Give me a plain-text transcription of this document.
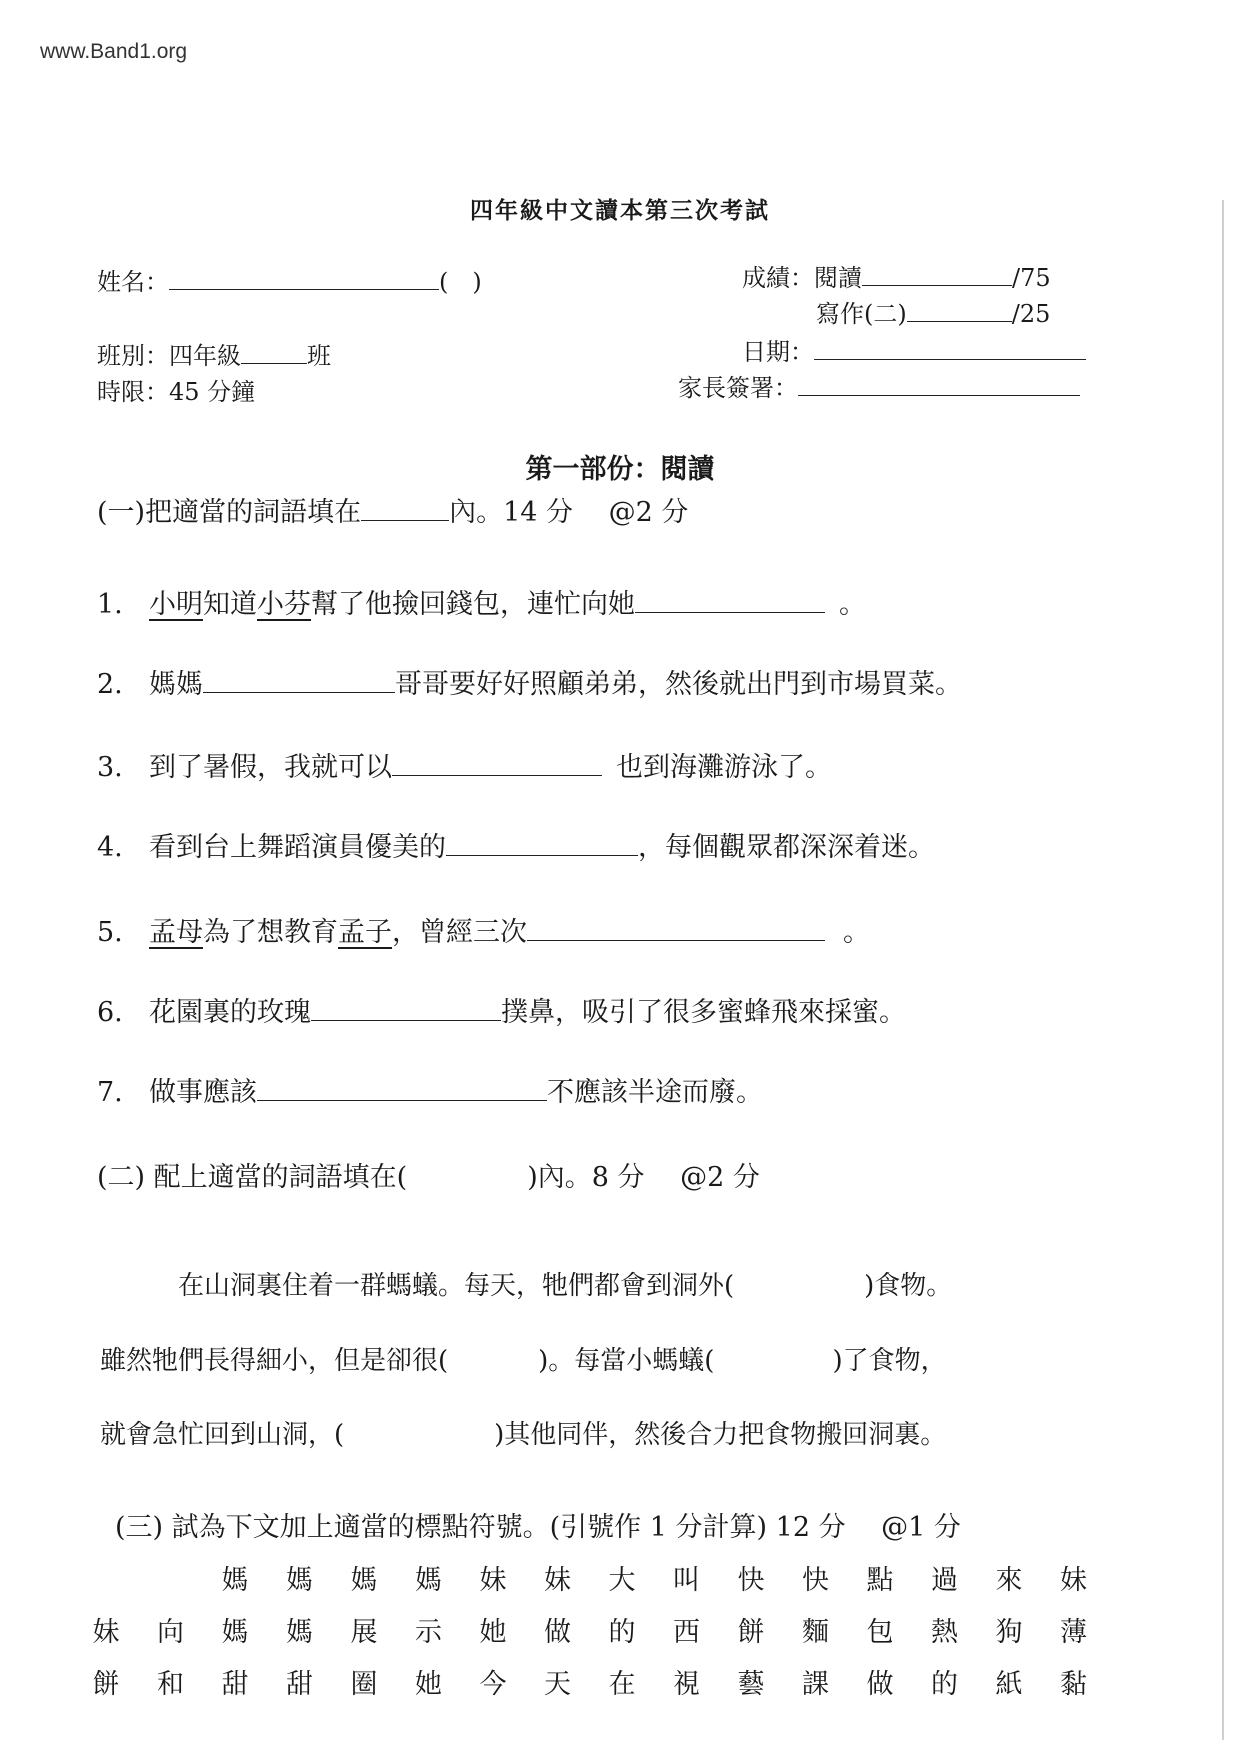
www.Band1.org
四年級中文讀本第三次考試
姓名：	(　)	成績：閱讀	/75
寫作(二)	/25
班別：四年級	班	日期：
時限：45 分鐘	家長簽署：
第一部份：閱讀
(一)把適當的詞語填在	內。14 分　 @2 分
1. 小明知道小芬幫了他撿回錢包，連忙向她	。
2. 媽媽	哥哥要好好照顧弟弟，然後就出門到市場買菜。
3. 到了暑假，我就可以	也到海灘游泳了。
4. 看到台上舞蹈演員優美的	，每個觀眾都深深着迷。
5. 孟母為了想教育孟子，曾經三次	。
6. 花園裏的玫瑰	撲鼻，吸引了很多蜜蜂飛來採蜜。
7. 做事應該	不應該半途而廢。
(二) 配上適當的詞語填在(	)內。8 分　 @2 分
在山洞裏住着一群螞蟻。每天，牠們都會到洞外(	)食物。
雖然牠們長得細小，但是卻很(	)。每當小螞蟻(	)了食物，
就會急忙回到山洞，(	)其他同伴，然後合力把食物搬回洞裏。
(三) 試為下文加上適當的標點符號。(引號作 1 分計算) 12 分　 @1 分
媽 媽 媽 媽 妹 妹 大 叫 快 快 點 過 來 妹
妹 向 媽 媽 展 示 她 做 的 西 餅 麵 包 熱 狗 薄
餅 和 甜 甜 圈 她 今 天 在 視 藝 課 做 的 紙 黏
